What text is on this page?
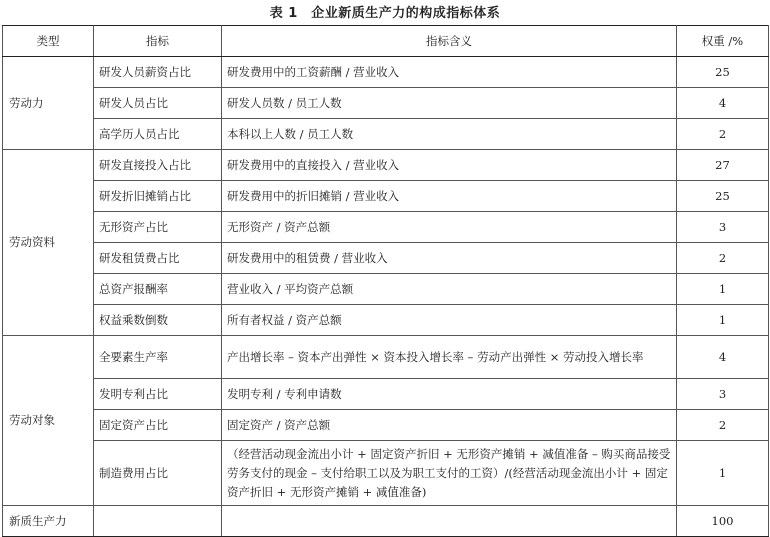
表 1　企业新质生产力的构成指标体系
类型	指标	指标含义	权重 /%
劳动力	研发人员薪资占比	研发费用中的工资薪酬 / 营业收入	25
	研发人员占比	研发人员数 / 员工人数	4
	高学历人员占比	本科以上人数 / 员工人数	2
劳动资料	研发直接投入占比	研发费用中的直接投入 / 营业收入	27
	研发折旧摊销占比	研发费用中的折旧摊销 / 营业收入	25
	无形资产占比	无形资产 / 资产总额	3
	研发租赁费占比	研发费用中的租赁费 / 营业收入	2
	总资产报酬率	营业收入 / 平均资产总额	1
	权益乘数倒数	所有者权益 / 资产总额	1
劳动对象	全要素生产率	产出增长率 – 资本产出弹性 × 资本投入增长率 – 劳动产出弹性 × 劳动投入增长率	4
	发明专利占比	发明专利 / 专利申请数	3
	固定资产占比	固定资产 / 资产总额	2
	制造费用占比	（经营活动现金流出小计 + 固定资产折旧 + 无形资产摊销 + 减值准备 – 购买商品接受劳务支付的现金 – 支付给职工以及为职工支付的工资）/(经营活动现金流出小计 + 固定资产折旧 + 无形资产摊销 + 减值准备)	1
新质生产力			100
